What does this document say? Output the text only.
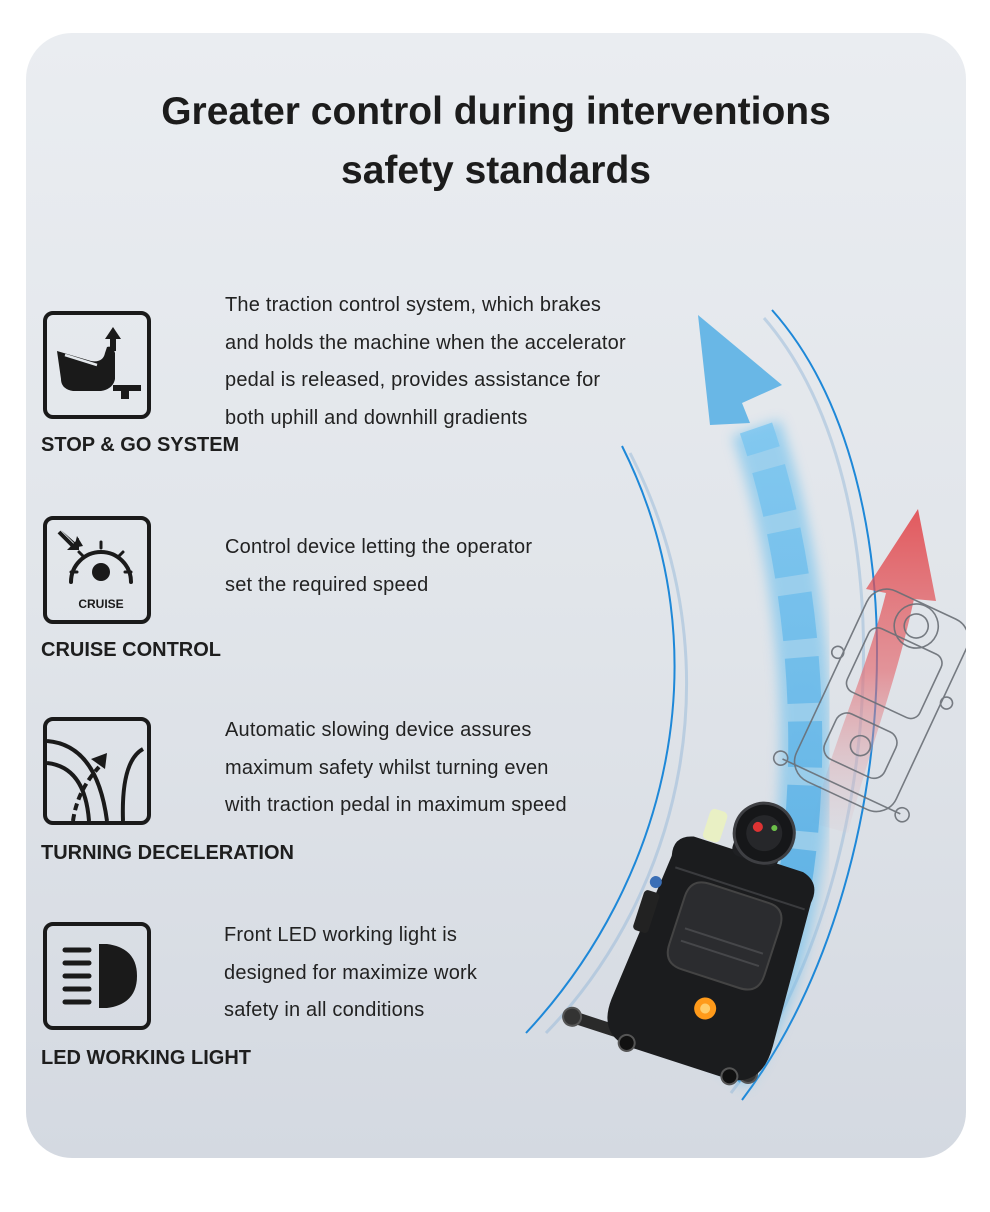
Greater control during interventions
safety standards
STOP & GO SYSTEM
The traction control system, which brakes
and holds the machine when the accelerator
pedal is released, provides assistance for
both uphill and downhill gradients
CRUISE
CRUISE CONTROL
Control device letting the operator
set the required speed
TURNING DECELERATION
Automatic slowing device assures
maximum safety whilst turning even
with traction pedal in maximum speed
LED WORKING LIGHT
Front LED working light is
designed for maximize work
safety in all conditions
